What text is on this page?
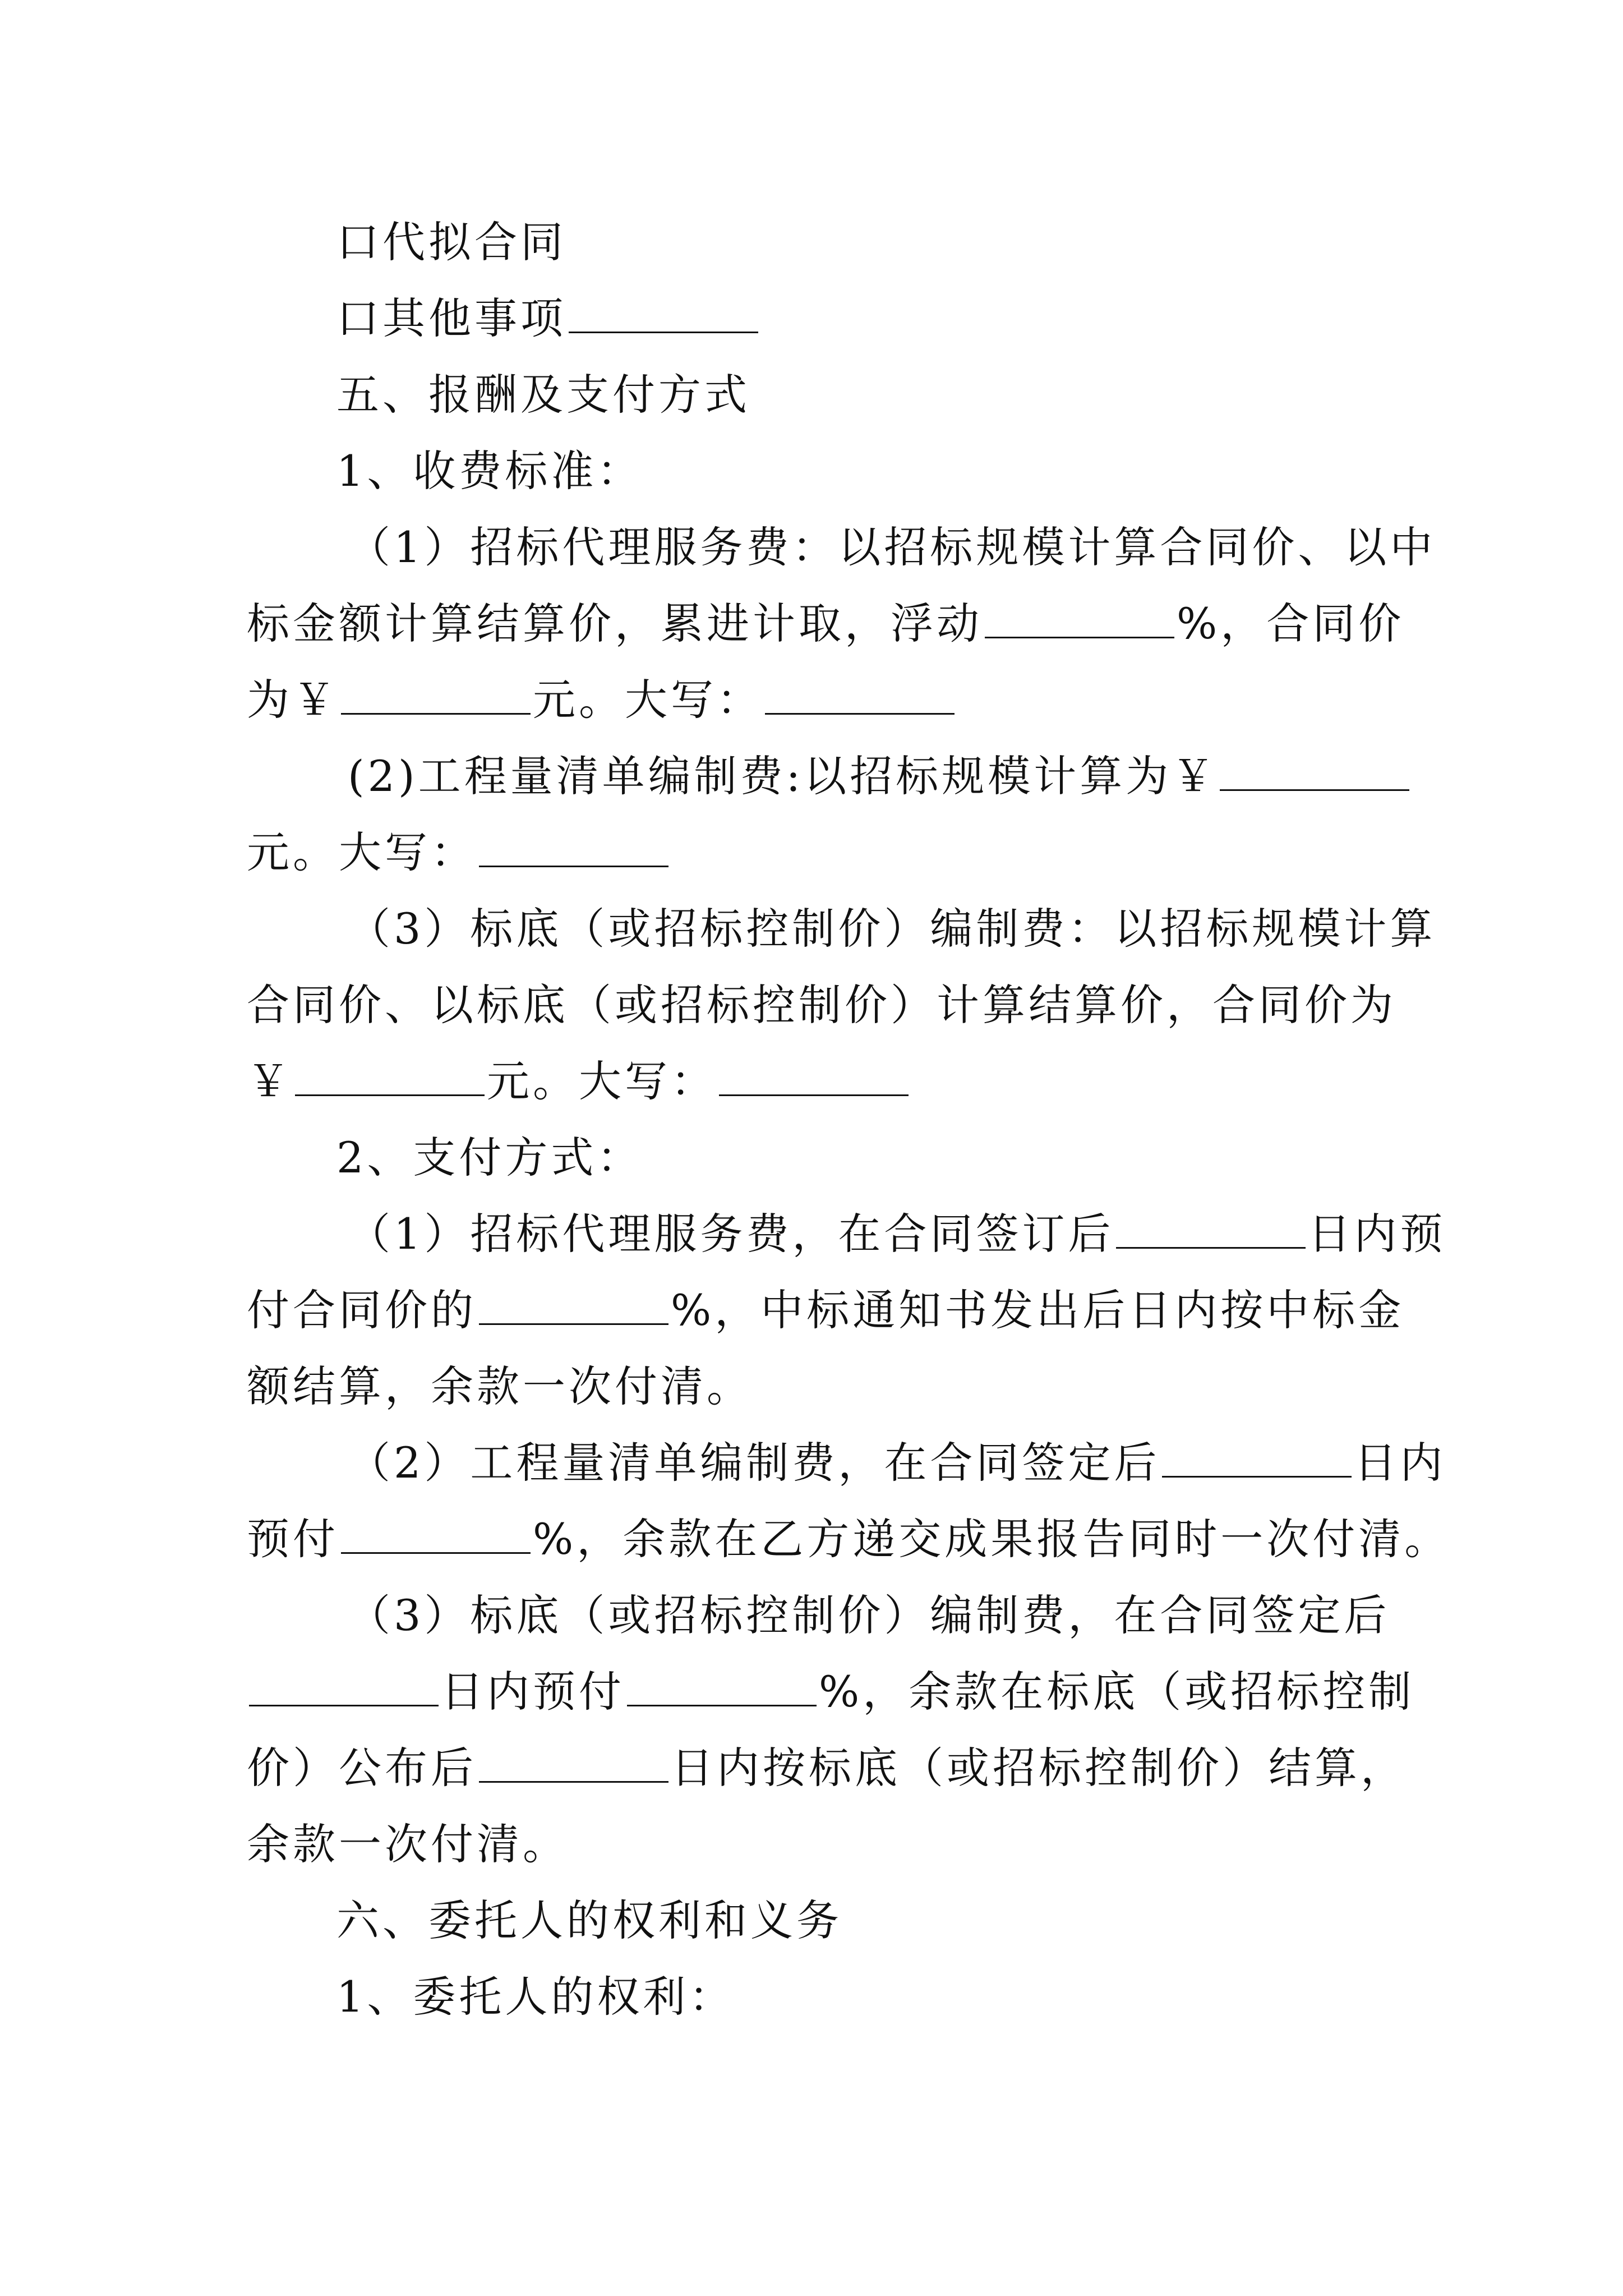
口代拟合同
口其他事项
五、报酬及支付方式
1、收费标准：
（1）招标代理服务费：以招标规模计算合同价、以中
标金额计算结算价，累进计取，浮动	%，合同价
为￥	元。大写：
(2)工程量清单编制费:以招标规模计算为￥
元。大写：
（3）标底（或招标控制价）编制费：以招标规模计算
合同价、以标底（或招标控制价）计算结算价，合同价为
￥	元。大写：
2、支付方式：
（1）招标代理服务费，在合同签订后	日内预
付合同价的	%，中标通知书发出后日内按中标金
额结算，余款一次付清。
（2）工程量清单编制费，在合同签定后	日内
预付	%，余款在乙方递交成果报告同时一次付清。
（3）标底（或招标控制价）编制费，在合同签定后
日内预付	%，余款在标底（或招标控制
价）公布后	日内按标底（或招标控制价）结算，
余款一次付清。
六、委托人的权利和义务
1、委托人的权利：
